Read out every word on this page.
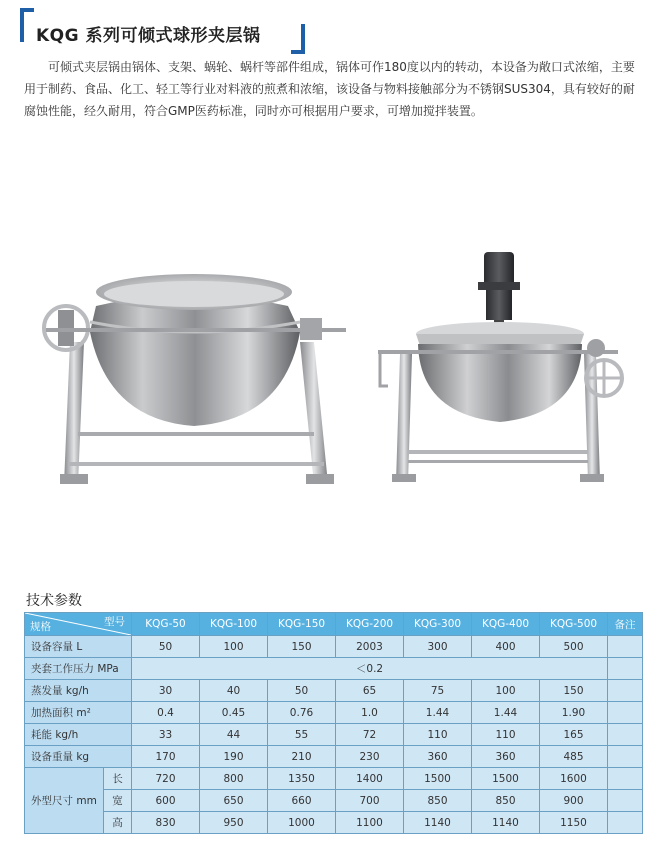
KQG 系列可倾式球形夹层锅

可倾式夹层锅由锅体、支架、蜗轮、蜗杆等部件组成，锅体可作180度以内的转动，本设备为敞口式浓缩，主要用于制药、食品、化工、轻工等行业对料液的煎煮和浓缩，该设备与物料接触部分为不锈钢SUS304，具有较好的耐腐蚀性能，经久耐用，符合GMP医药标准，同时亦可根据用户要求，可增加搅拌装置。

技术参数
型号
规格		KQG-50	KQG-100	KQG-150	KQG-200	KQG-300	KQG-400	KQG-500	备注
设备容量 L		50	100	150	2003	300	400	500	
夹套工作压力 MPa		＜0.2							
蒸发量 kg/h		30	40	50	65	75	100	150	
加热面积 m²		0.4	0.45	0.76	1.0	1.44	1.44	1.90	
耗能 kg/h		33	44	55	72	110	110	165	
设备重量 kg		170	190	210	230	360	360	485	
外型尺寸 mm	长	720	800	1350	1400	1500	1500	1600	
	宽	600	650	660	700	850	850	900	
	高	830	950	1000	1100	1140	1140	1150	
